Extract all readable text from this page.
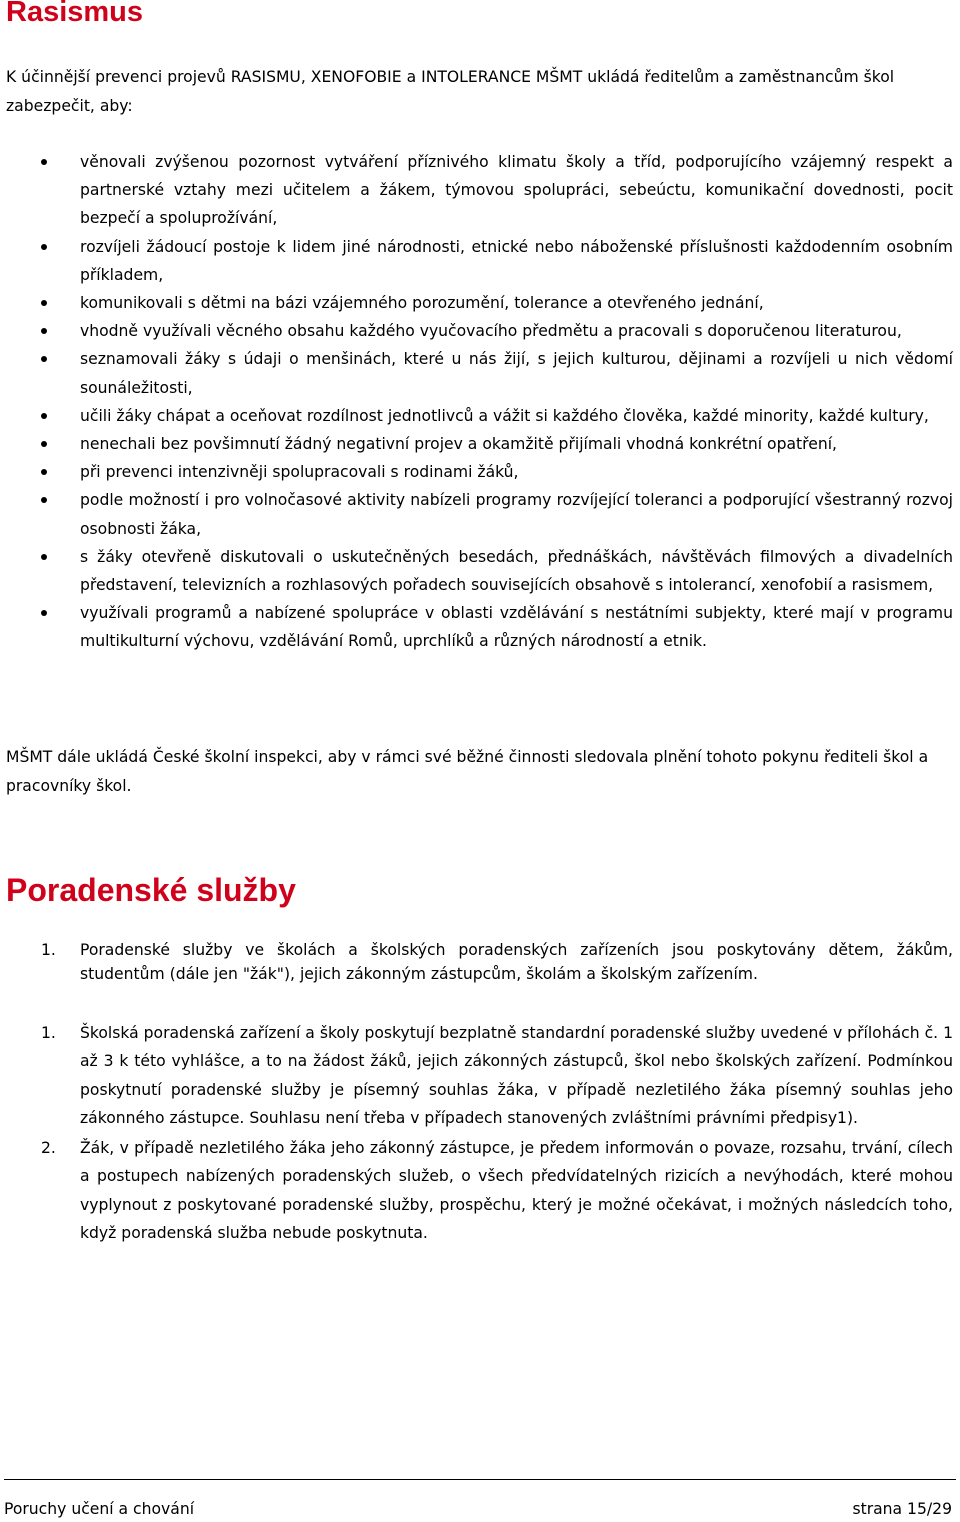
Rasismus

K účinnější prevenci projevů RASISMU, XENOFOBIE a INTOLERANCE MŠMT ukládá ředitelům a zaměstnancům škol zabezpečit, aby:

věnovali zvýšenou pozornost vytváření příznivého klimatu školy a tříd, podporujícího vzájemný respekt a partnerské vztahy mezi učitelem a žákem, týmovou spolupráci, sebeúctu, komunikační dovednosti, pocit bezpečí a spoluprožívání,
rozvíjeli žádoucí postoje k lidem jiné národnosti, etnické nebo náboženské příslušnosti každodenním osobním příkladem,
komunikovali s dětmi na bázi vzájemného porozumění, tolerance a otevřeného jednání,
vhodně využívali věcného obsahu každého vyučovacího předmětu a pracovali s doporučenou literaturou,
seznamovali žáky s údaji o menšinách, které u nás žijí, s jejich kulturou, dějinami a rozvíjeli u nich vědomí sounáležitosti,
učili žáky chápat a oceňovat rozdílnost jednotlivců a vážit si každého člověka, každé minority, každé kultury,
nenechali bez povšimnutí žádný negativní projev a okamžitě přijímali vhodná konkrétní opatření,
při prevenci intenzivněji spolupracovali s rodinami žáků,
podle možností i pro volnočasové aktivity nabízeli programy rozvíjející toleranci a podporující všestranný rozvoj osobnosti žáka,
s žáky otevřeně diskutovali o uskutečněných besedách, přednáškách, návštěvách filmových a divadelních představení, televizních a rozhlasových pořadech souvisejících obsahově s intolerancí, xenofobií a rasismem,
využívali programů a nabízené spolupráce v oblasti vzdělávání s nestátními subjekty, které mají v programu multikulturní výchovu, vzdělávání Romů, uprchlíků a různých národností a etnik.

MŠMT dále ukládá České školní inspekci, aby v rámci své běžné činnosti sledovala plnění tohoto pokynu řediteli škol a pracovníky škol.

Poradenské služby
1. Poradenské služby ve školách a školských poradenských zařízeních jsou poskytovány dětem, žákům, studentům (dále jen "žák"), jejich zákonným zástupcům, školám a školským zařízením.
1. Školská poradenská zařízení a školy poskytují bezplatně standardní poradenské služby uvedené v přílohách č. 1 až 3 k této vyhlášce, a to na žádost žáků, jejich zákonných zástupců, škol nebo školských zařízení. Podmínkou poskytnutí poradenské služby je písemný souhlas žáka, v případě nezletilého žáka písemný souhlas jeho zákonného zástupce. Souhlasu není třeba v případech stanovených zvláštními právními předpisy1).
2. Žák, v případě nezletilého žáka jeho zákonný zástupce, je předem informován o povaze, rozsahu, trvání, cílech a postupech nabízených poradenských služeb, o všech předvídatelných rizicích a nevýhodách, které mohou vyplynout z poskytované poradenské služby, prospěchu, který je možné očekávat, i možných následcích toho, když poradenská služba nebude poskytnuta.
Poruchy učení a chování	strana 15/29
